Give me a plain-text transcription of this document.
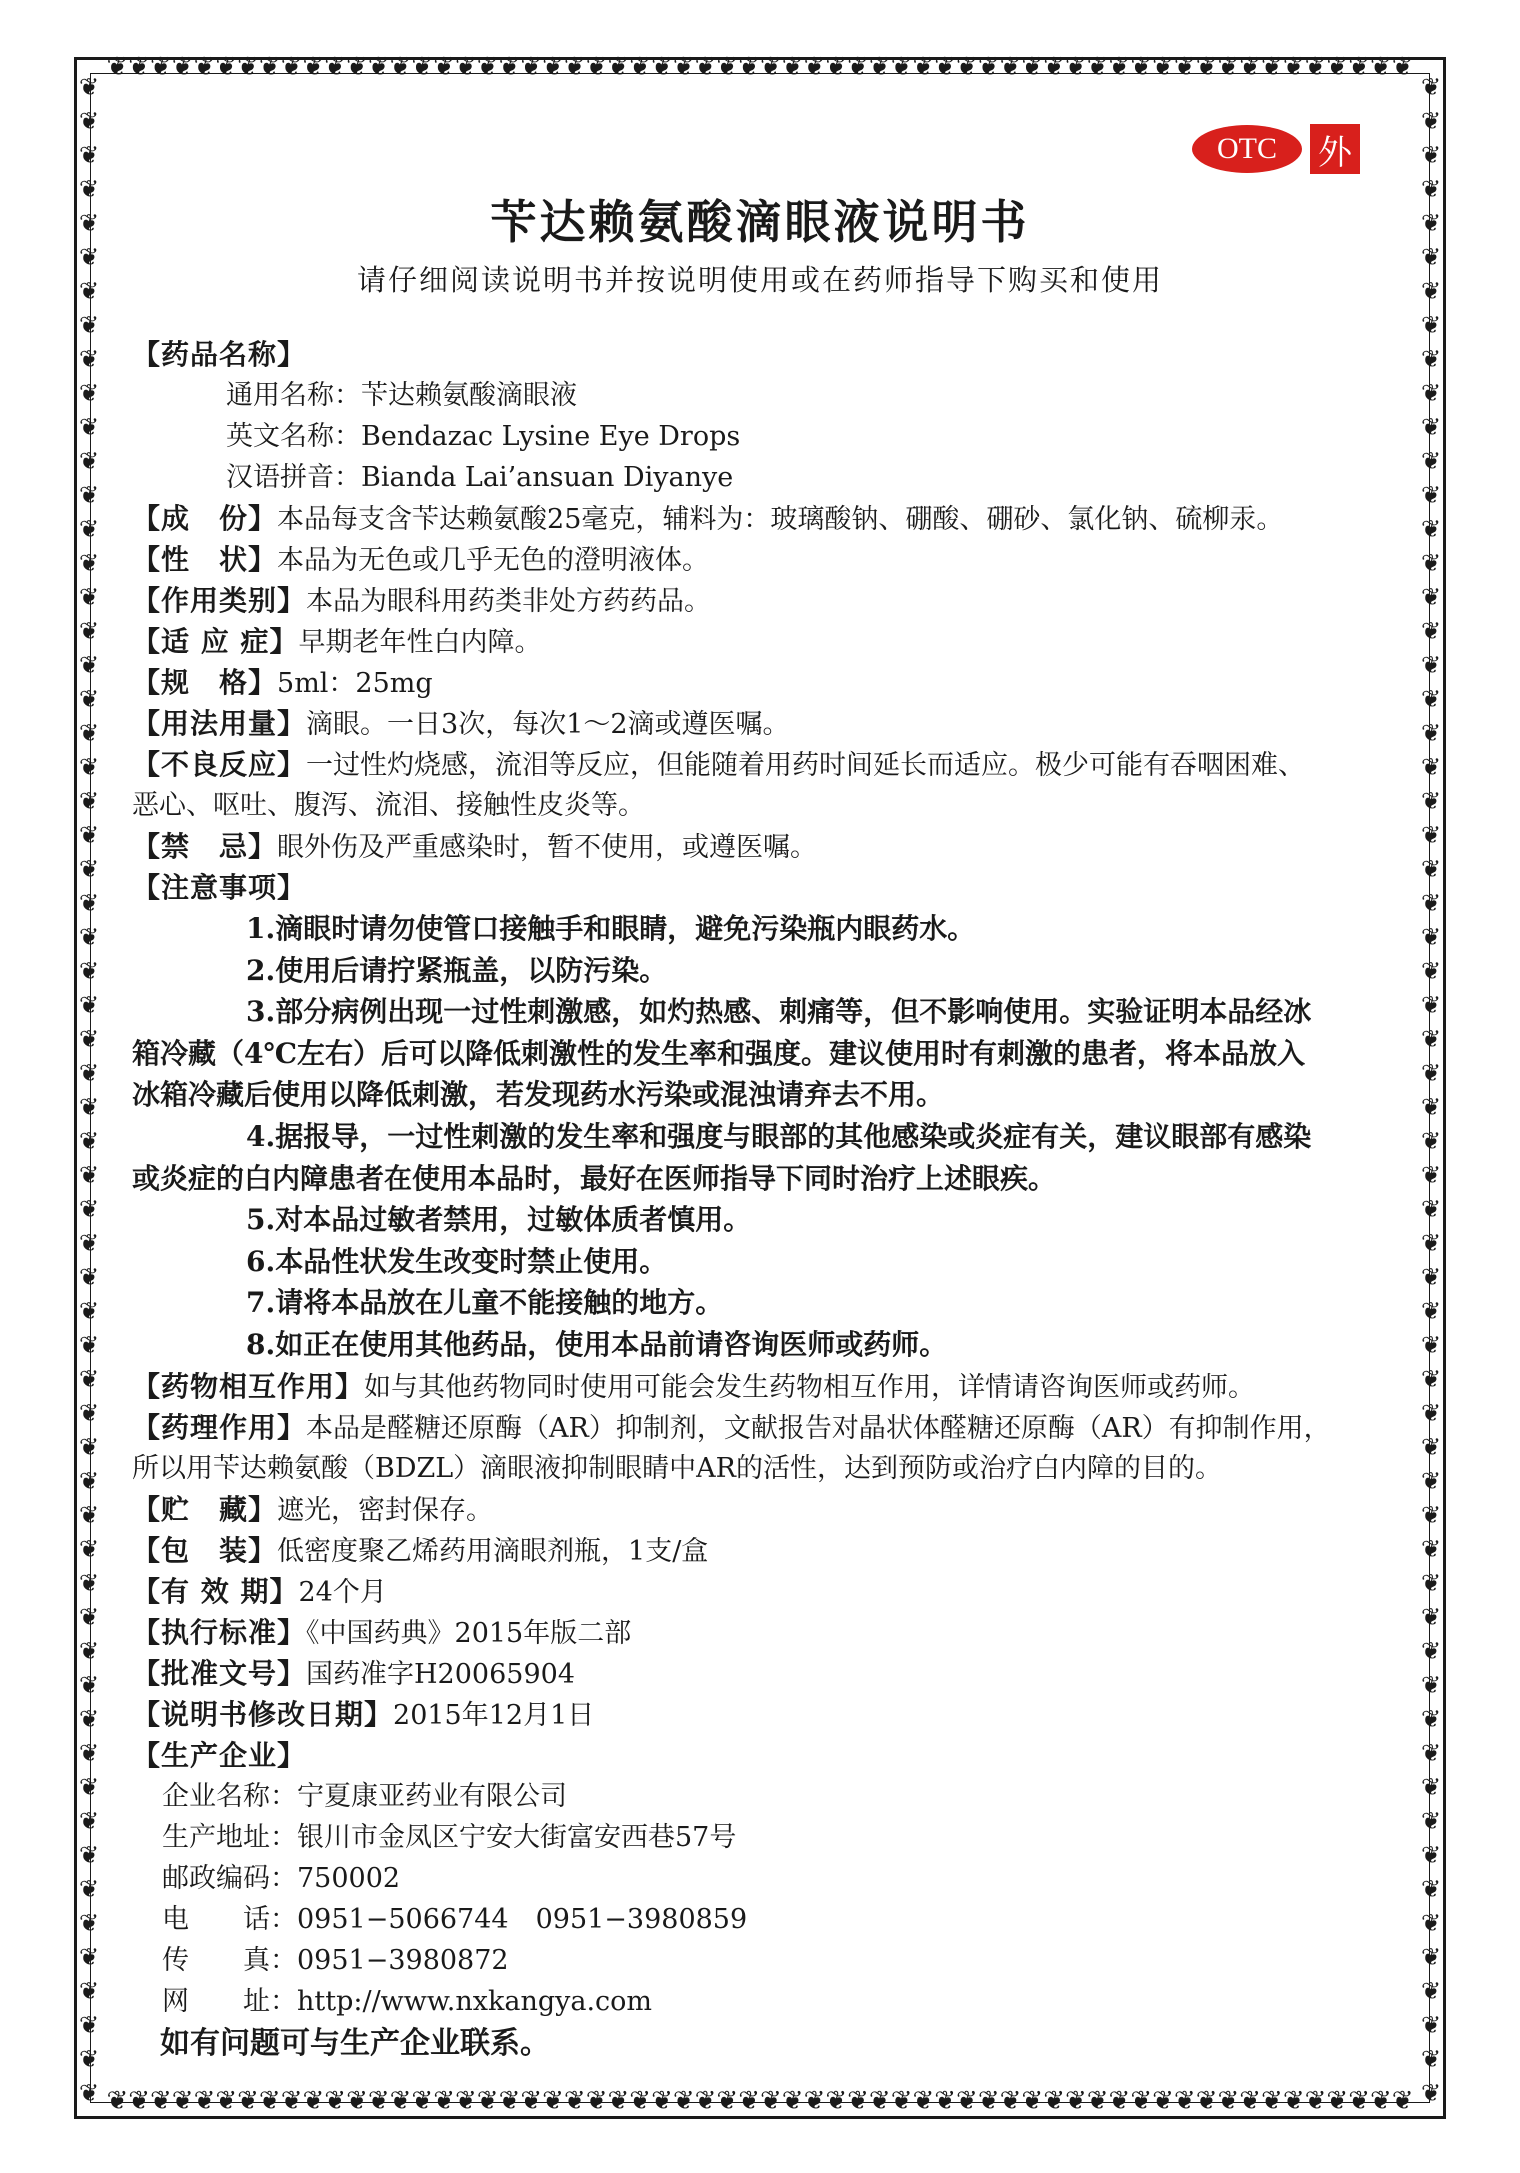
❦❦❦❦❦❦❦❦❦❦❦❦❦❦❦❦❦❦❦❦❦❦❦❦❦❦❦❦❦❦❦❦❦❦❦❦❦❦❦❦❦❦❦❦❦❦❦❦❦❦❦❦❦❦❦❦❦❦❦❦
❦❦❦❦❦❦❦❦❦❦❦❦❦❦❦❦❦❦❦❦❦❦❦❦❦❦❦❦❦❦❦❦❦❦❦❦❦❦❦❦❦❦❦❦❦❦❦❦❦❦❦❦❦❦❦❦❦❦❦❦
❦❦❦❦❦❦❦❦❦❦❦❦❦❦❦❦❦❦❦❦❦❦❦❦❦❦❦❦❦❦❦❦❦❦❦❦❦❦❦❦❦❦❦❦❦❦❦❦❦❦❦❦❦❦❦❦❦❦❦❦
❦❦❦❦❦❦❦❦❦❦❦❦❦❦❦❦❦❦❦❦❦❦❦❦❦❦❦❦❦❦❦❦❦❦❦❦❦❦❦❦❦❦❦❦❦❦❦❦❦❦❦❦❦❦❦❦❦❦❦❦
OTC	外
苄达赖氨酸滴眼液说明书
请仔细阅读说明书并按说明使用或在药师指导下购买和使用
【药品名称】
通用名称：苄达赖氨酸滴眼液
英文名称：Bendazac Lysine Eye Drops
汉语拼音：Bianda Lai’ansuan Diyanye
【成　份】本品每支含苄达赖氨酸25毫克，辅料为：玻璃酸钠、硼酸、硼砂、氯化钠、硫柳汞。
【性　状】本品为无色或几乎无色的澄明液体。
【作用类别】本品为眼科用药类非处方药药品。
【适 应 症】早期老年性白内障。
【规　格】5ml：25mg
【用法用量】滴眼。一日3次，每次1～2滴或遵医嘱。
【不良反应】一过性灼烧感，流泪等反应，但能随着用药时间延长而适应。极少可能有吞咽困难、
恶心、呕吐、腹泻、流泪、接触性皮炎等。
【禁　忌】眼外伤及严重感染时，暂不使用，或遵医嘱。
【注意事项】
1.滴眼时请勿使管口接触手和眼睛，避免污染瓶内眼药水。
2.使用后请拧紧瓶盖，以防污染。
3.部分病例出现一过性刺激感，如灼热感、刺痛等，但不影响使用。实验证明本品经冰
箱冷藏（4℃左右）后可以降低刺激性的发生率和强度。建议使用时有刺激的患者，将本品放入
冰箱冷藏后使用以降低刺激，若发现药水污染或混浊请弃去不用。
4.据报导，一过性刺激的发生率和强度与眼部的其他感染或炎症有关，建议眼部有感染
或炎症的白内障患者在使用本品时，最好在医师指导下同时治疗上述眼疾。
5.对本品过敏者禁用，过敏体质者慎用。
6.本品性状发生改变时禁止使用。
7.请将本品放在儿童不能接触的地方。
8.如正在使用其他药品，使用本品前请咨询医师或药师。
【药物相互作用】如与其他药物同时使用可能会发生药物相互作用，详情请咨询医师或药师。
【药理作用】本品是醛糖还原酶（AR）抑制剂，文献报告对晶状体醛糖还原酶（AR）有抑制作用，
所以用苄达赖氨酸（BDZL）滴眼液抑制眼睛中AR的活性，达到预防或治疗白内障的目的。
【贮　藏】遮光，密封保存。
【包　装】低密度聚乙烯药用滴眼剂瓶，1支/盒
【有 效 期】24个月
【执行标准】《中国药典》2015年版二部
【批准文号】国药准字H20065904
【说明书修改日期】2015年12月1日
【生产企业】
企业名称：宁夏康亚药业有限公司
生产地址：银川市金凤区宁安大街富安西巷57号
邮政编码：750002
电　　话：0951−5066744　0951−3980859
传　　真：0951−3980872
网　　址：http://www.nxkangya.com
如有问题可与生产企业联系。
